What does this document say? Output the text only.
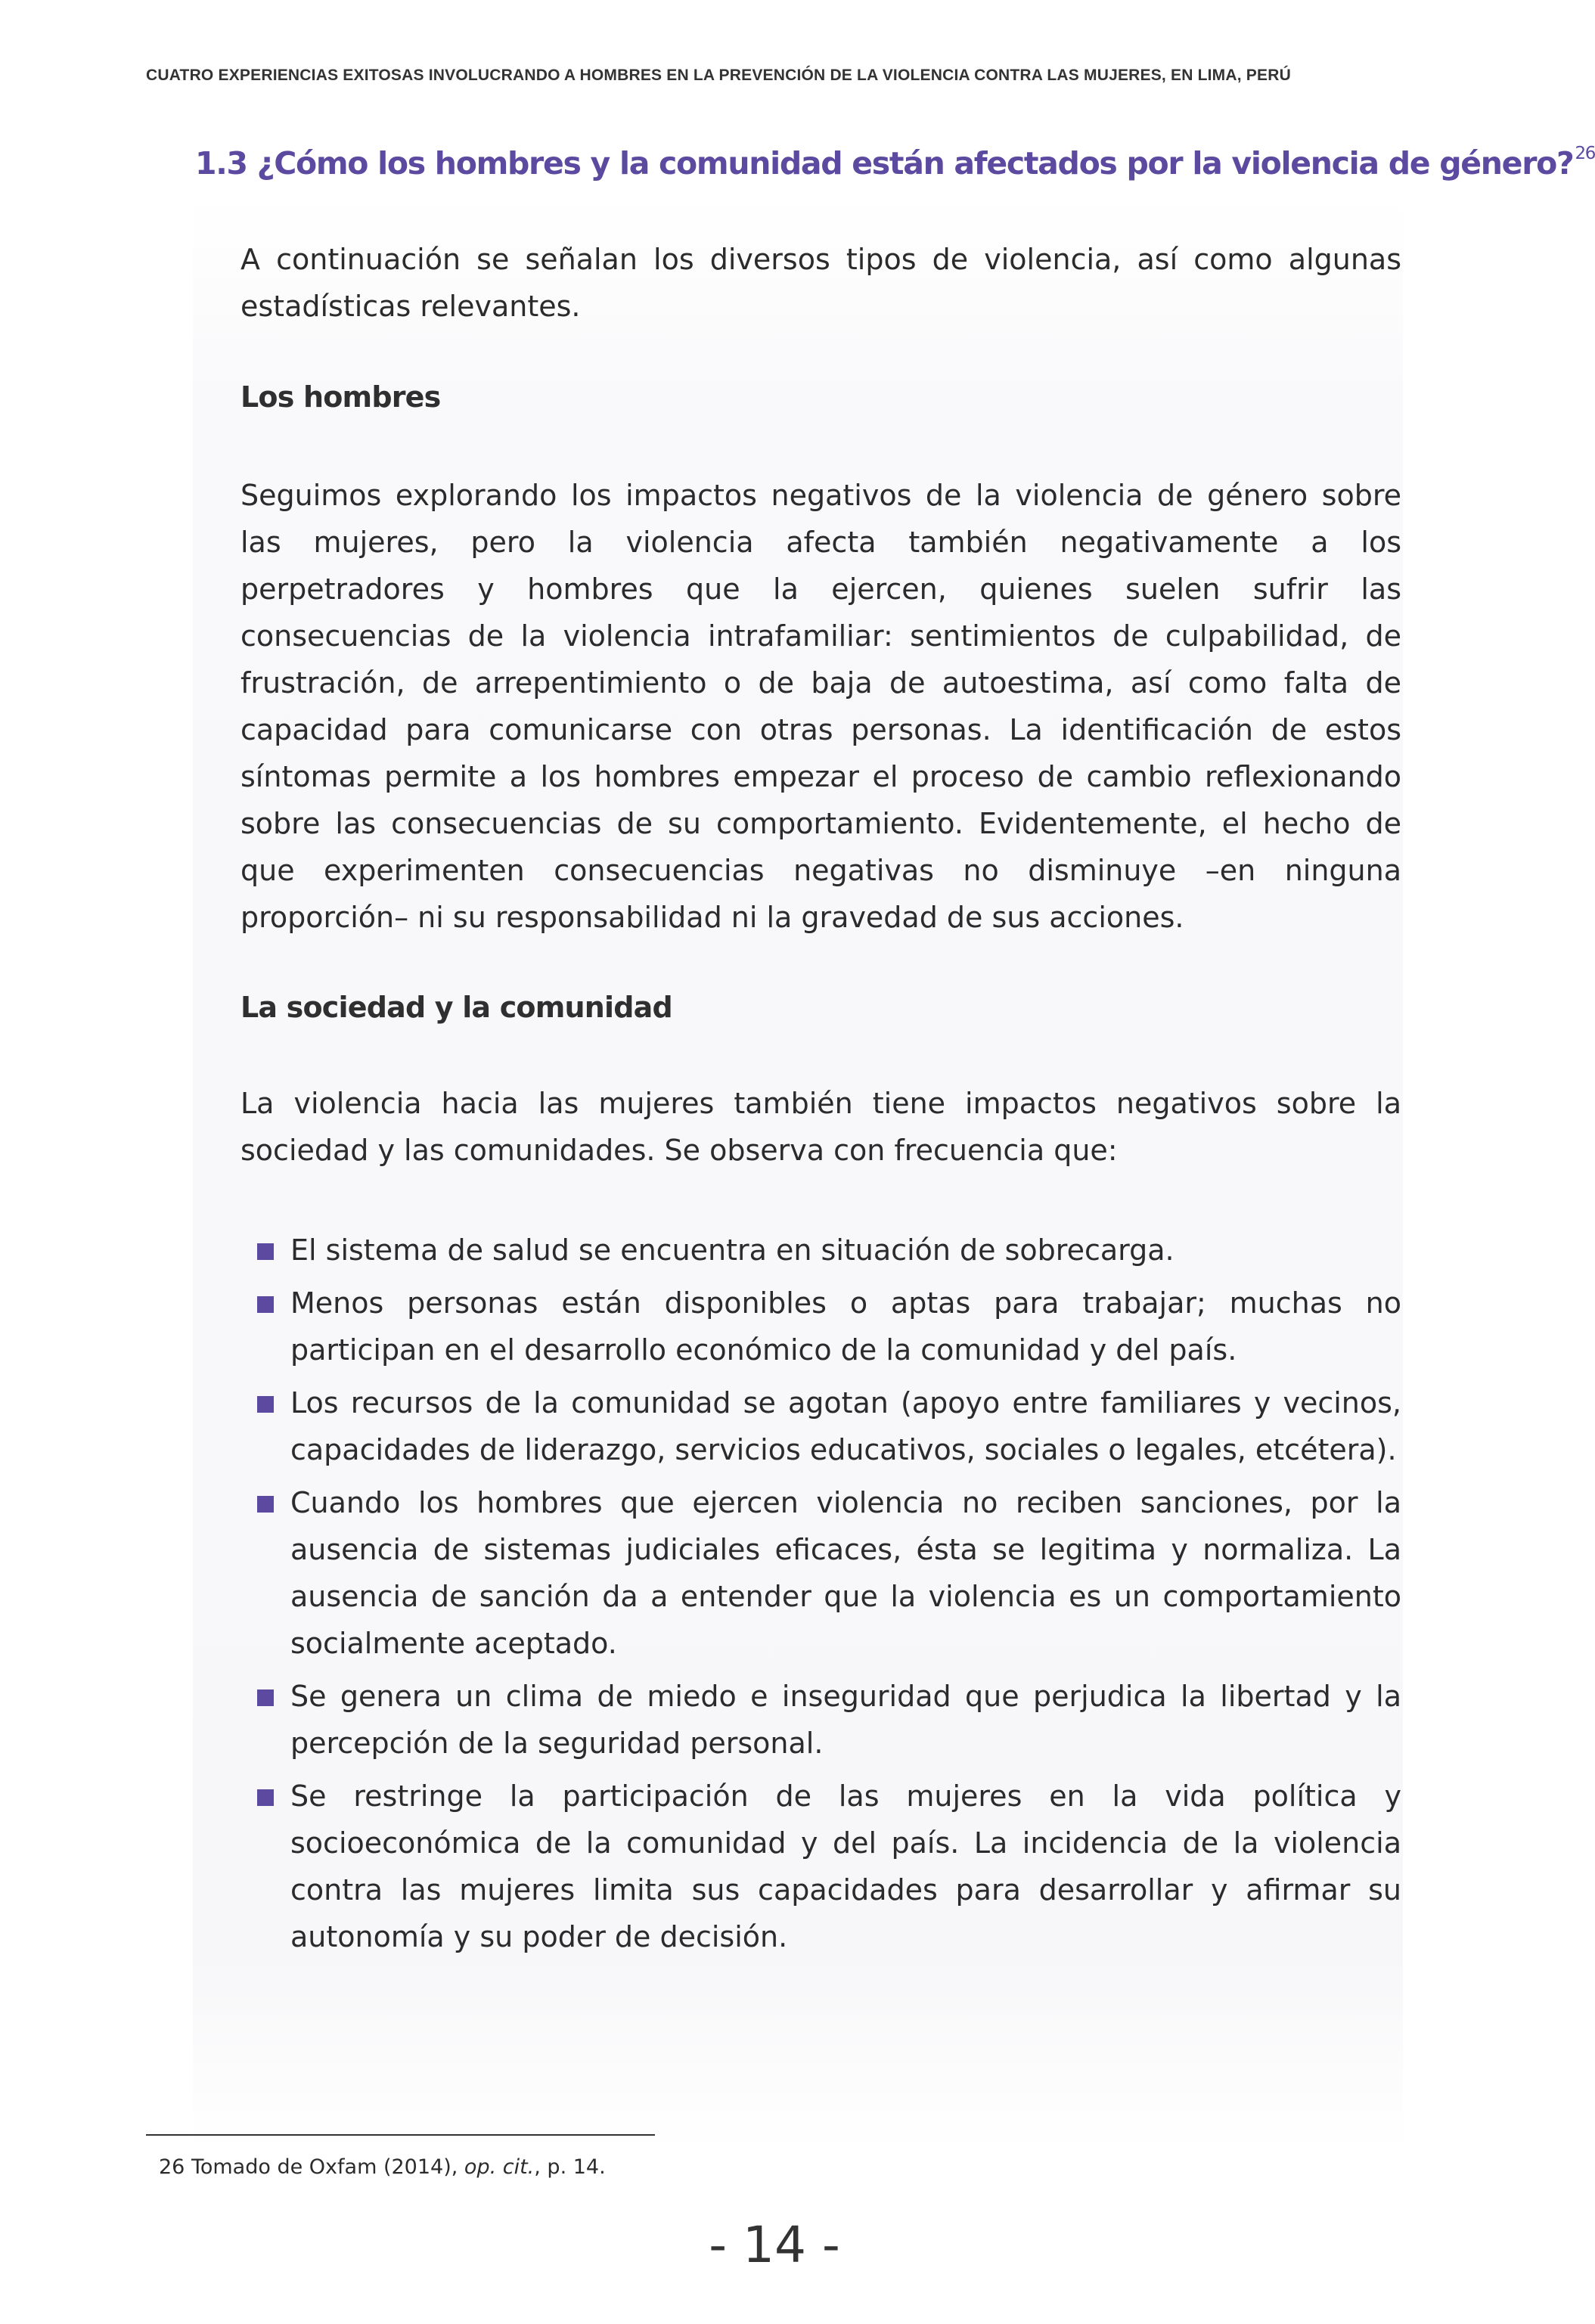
CUATRO EXPERIENCIAS EXITOSAS INVOLUCRANDO A HOMBRES EN LA PREVENCIÓN DE LA VIOLENCIA CONTRA LAS MUJERES, EN LIMA, PERÚ
1.3 ¿Cómo los hombres y la comunidad están afectados por la violencia de género?$^{26}$

A continuación se señalan los diversos tipos de violencia, así como algunas estadísticas relevantes.

Los hombres

Seguimos explorando los impactos negativos de la violencia de género sobre las mujeres, pero la violencia afecta también negativamente a los perpetradores y hombres que la ejercen, quienes suelen sufrir las consecuencias de la violencia intrafamiliar: sentimientos de culpabilidad, de frustración, de arrepentimiento o de baja de autoestima, así como falta de capacidad para comunicarse con otras personas. La identificación de estos síntomas permite a los hombres empezar el proceso de cambio reflexionando sobre las consecuencias de su comportamiento. Evidentemente, el hecho de que experimenten consecuencias negativas no disminuye –en ninguna proporción– ni su responsabilidad ni la gravedad de sus acciones.

La sociedad y la comunidad

La violencia hacia las mujeres también tiene impactos negativos sobre la sociedad y las comunidades. Se observa con frecuencia que:

El sistema de salud se encuentra en situación de sobrecarga.
Menos personas están disponibles o aptas para trabajar; muchas no participan en el desarrollo económico de la comunidad y del país.
Los recursos de la comunidad se agotan (apoyo entre familiares y vecinos, capacidades de liderazgo, servicios educativos, sociales o legales, etcétera).
Cuando los hombres que ejercen violencia no reciben sanciones, por la ausencia de sistemas judiciales eficaces, ésta se legitima y normaliza. La ausencia de sanción da a entender que la violencia es un comportamiento socialmente aceptado.
Se genera un clima de miedo e inseguridad que perjudica la libertad y la percepción de la seguridad personal.
Se restringe la participación de las mujeres en la vida política y socioeconómica de la comunidad y del país. La incidencia de la violencia contra las mujeres limita sus capacidades para desarrollar y afirmar su autonomía y su poder de decisión.
26 Tomado de Oxfam (2014), op. cit., p. 14.
- 14 -
